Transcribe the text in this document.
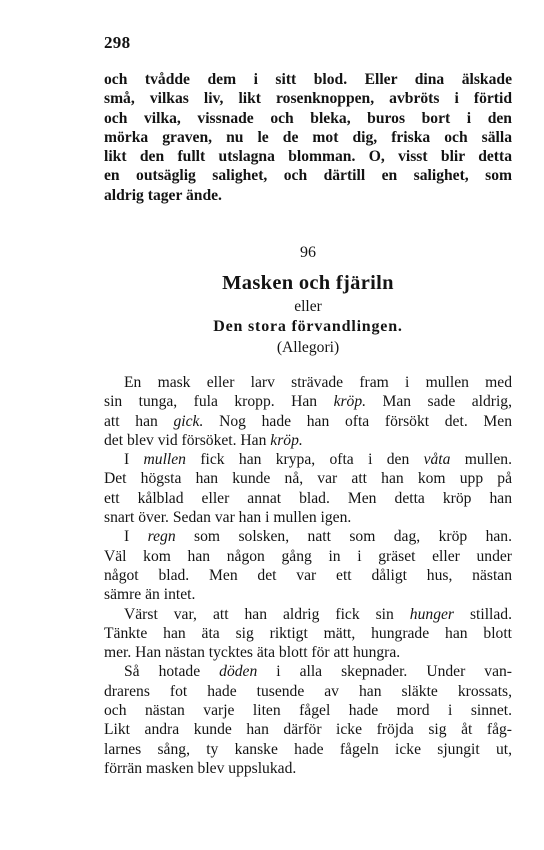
298
och tvådde dem i sitt blod. Eller dina älskade
små, vilkas liv, likt rosenknoppen, avbröts i förtid
och vilka, vissnade och bleka, buros bort i den
mörka graven, nu le de mot dig, friska och sälla
likt den fullt utslagna blomman. O, visst blir detta
en outsäglig salighet, och därtill en salighet, som
aldrig tager ände.
96
Masken och fjäriln
eller
Den stora förvandlingen.
(Allegori)
En mask eller larv strävade fram i mullen med
sin tunga, fula kropp. Han kröp. Man sade aldrig,
att han gick. Nog hade han ofta försökt det. Men
det blev vid försöket. Han kröp.
I mullen fick han krypa, ofta i den våta mullen.
Det högsta han kunde nå, var att han kom upp på
ett kålblad eller annat blad. Men detta kröp han
snart över. Sedan var han i mullen igen.
I regn som solsken, natt som dag, kröp han.
Väl kom han någon gång in i gräset eller under
något blad. Men det var ett dåligt hus, nästan
sämre än intet.
Värst var, att han aldrig fick sin hunger stillad.
Tänkte han äta sig riktigt mätt, hungrade han blott
mer. Han nästan tycktes äta blott för att hungra.
Så hotade döden i alla skepnader. Under van-
drarens fot hade tusende av han släkte krossats,
och nästan varje liten fågel hade mord i sinnet.
Likt andra kunde han därför icke fröjda sig åt fåg-
larnes sång, ty kanske hade fågeln icke sjungit ut,
förrän masken blev uppslukad.
